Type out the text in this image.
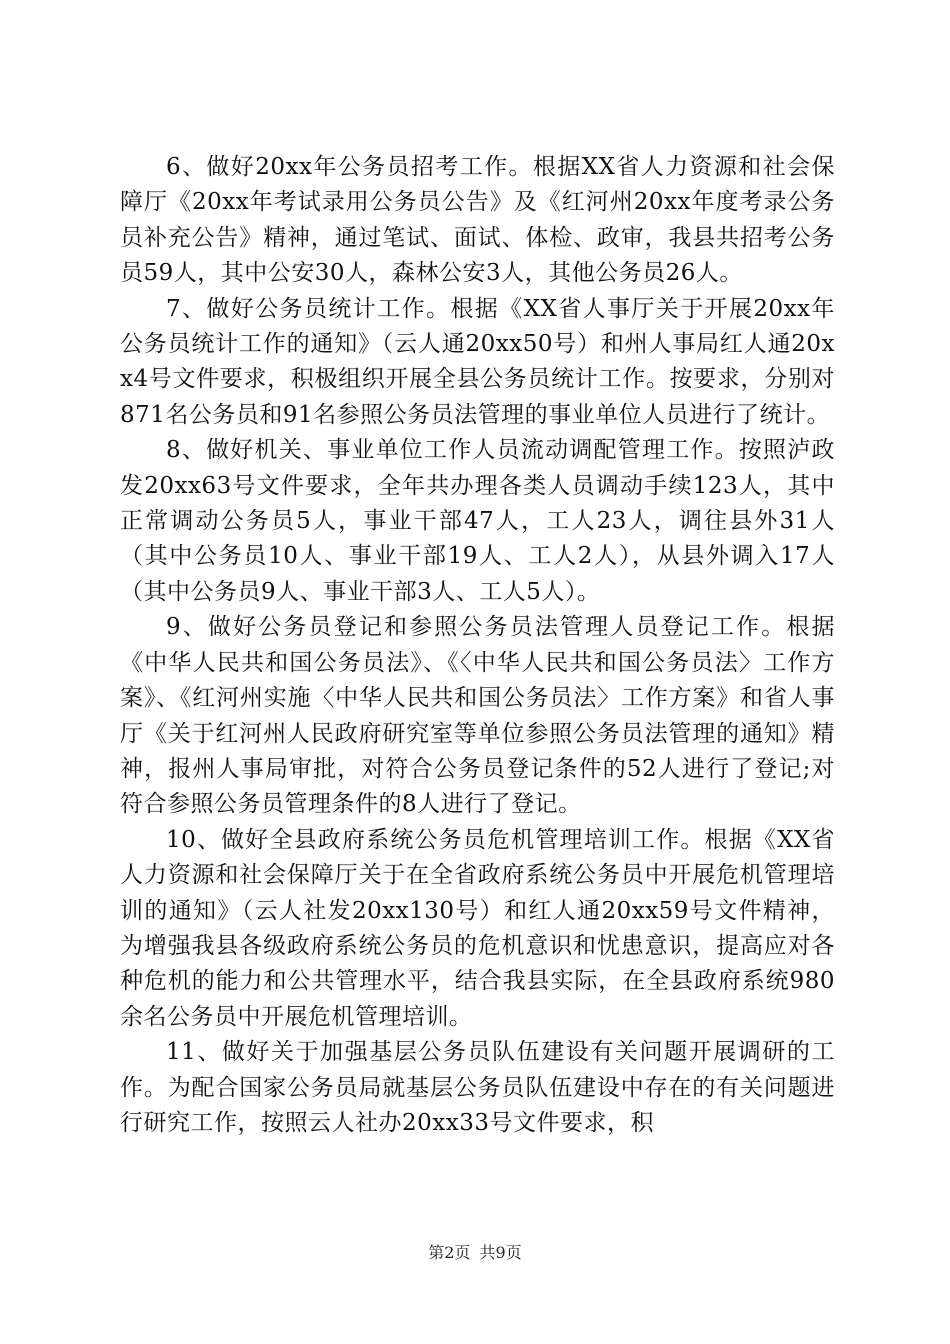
6、做好20xx年公务员招考工作。根据XX省人力资源和社会保障厅《20xx年考试录用公务员公告》及《红河州20xx年度考录公务员补充公告》精神，通过笔试、面试、体检、政审，我县共招考公务员59人，其中公安30人，森林公安3人，其他公务员26人。

7、做好公务员统计工作。根据《XX省人事厅关于开展20xx年公务员统计工作的通知》（云人通20xx50号）和州人事局红人通20xx4号文件要求，积极组织开展全县公务员统计工作。按要求，分别对871名公务员和91名参照公务员法管理的事业单位人员进行了统计。

8、做好机关、事业单位工作人员流动调配管理工作。按照泸政发20xx63号文件要求，全年共办理各类人员调动手续123人，其中正常调动公务员5人，事业干部47人，工人23人，调往县外31人（其中公务员10人、事业干部19人、工人2人），从县外调入17人（其中公务员9人、事业干部3人、工人5人）。

9、做好公务员登记和参照公务员法管理人员登记工作。根据《中华人民共和国公务员法》、《〈中华人民共和国公务员法〉工作方案》、《红河州实施〈中华人民共和国公务员法〉工作方案》和省人事厅《关于红河州人民政府研究室等单位参照公务员法管理的通知》精神，报州人事局审批，对符合公务员登记条件的52人进行了登记;对符合参照公务员管理条件的8人进行了登记。

10、做好全县政府系统公务员危机管理培训工作。根据《XX省人力资源和社会保障厅关于在全省政府系统公务员中开展危机管理培训的通知》（云人社发20xx130号）和红人通20xx59号文件精神，为增强我县各级政府系统公务员的危机意识和忧患意识，提高应对各种危机的能力和公共管理水平，结合我县实际，在全县政府系统980余名公务员中开展危机管理培训。

11、做好关于加强基层公务员队伍建设有关问题开展调研的工作。为配合国家公务员局就基层公务员队伍建设中存在的有关问题进行研究工作，按照云人社办20xx33号文件要求，积

第2页 共9页
